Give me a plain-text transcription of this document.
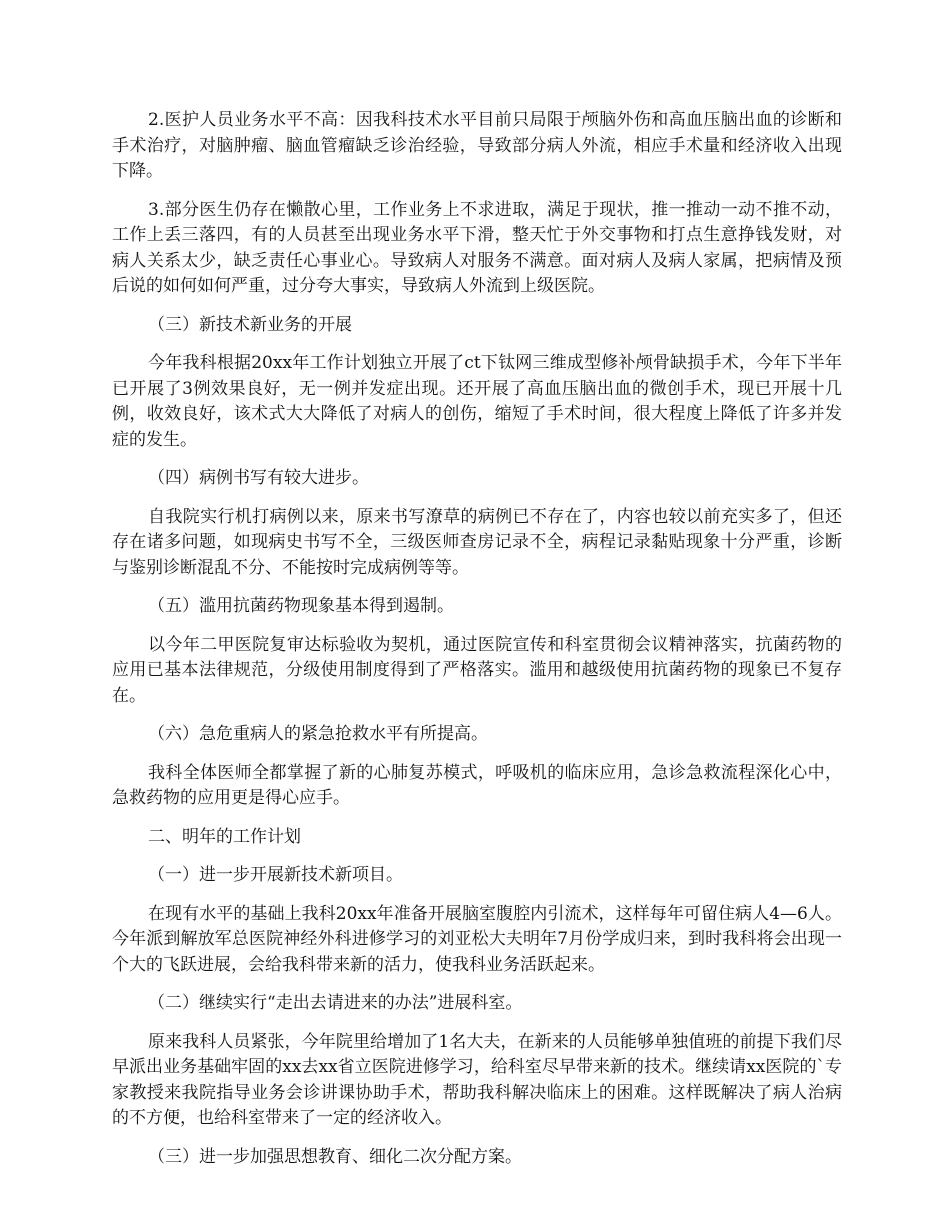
2.医护人员业务水平不高：因我科技术水平目前只局限于颅脑外伤和高血压脑出血的诊断和手术治疗，对脑肿瘤、脑血管瘤缺乏诊治经验，导致部分病人外流，相应手术量和经济收入出现下降。

3.部分医生仍存在懒散心里，工作业务上不求进取，满足于现状，推一推动一动不推不动，工作上丢三落四，有的人员甚至出现业务水平下滑，整天忙于外交事物和打点生意挣钱发财，对病人关系太少，缺乏责任心事业心。导致病人对服务不满意。面对病人及病人家属，把病情及预后说的如何如何严重，过分夸大事实，导致病人外流到上级医院。

（三）新技术新业务的开展

今年我科根据20xx年工作计划独立开展了ct下钛网三维成型修补颅骨缺损手术，今年下半年已开展了3例效果良好，无一例并发症出现。还开展了高血压脑出血的微创手术，现已开展十几例，收效良好，该术式大大降低了对病人的创伤，缩短了手术时间，很大程度上降低了许多并发症的发生。

（四）病例书写有较大进步。

自我院实行机打病例以来，原来书写潦草的病例已不存在了，内容也较以前充实多了，但还存在诸多问题，如现病史书写不全，三级医师查房记录不全，病程记录黏贴现象十分严重，诊断与鉴别诊断混乱不分、不能按时完成病例等等。

（五）滥用抗菌药物现象基本得到遏制。

以今年二甲医院复审达标验收为契机，通过医院宣传和科室贯彻会议精神落实，抗菌药物的应用已基本法律规范，分级使用制度得到了严格落实。滥用和越级使用抗菌药物的现象已不复存在。

（六）急危重病人的紧急抢救水平有所提高。

我科全体医师全都掌握了新的心肺复苏模式，呼吸机的临床应用，急诊急救流程深化心中，急救药物的应用更是得心应手。

二、明年的工作计划

（一）进一步开展新技术新项目。

在现有水平的基础上我科20xx年准备开展脑室腹腔内引流术，这样每年可留住病人4—6人。今年派到解放军总医院神经外科进修学习的刘亚松大夫明年7月份学成归来，到时我科将会出现一个大的飞跃进展，会给我科带来新的活力，使我科业务活跃起来。

（二）继续实行“走出去请进来的办法”进展科室。

原来我科人员紧张，今年院里给增加了1名大夫，在新来的人员能够单独值班的前提下我们尽早派出业务基础牢固的xx去xx省立医院进修学习，给科室尽早带来新的技术。继续请xx医院的`专家教授来我院指导业务会诊讲课协助手术，帮助我科解决临床上的困难。这样既解决了病人治病的不方便，也给科室带来了一定的经济收入。

（三）进一步加强思想教育、细化二次分配方案。
